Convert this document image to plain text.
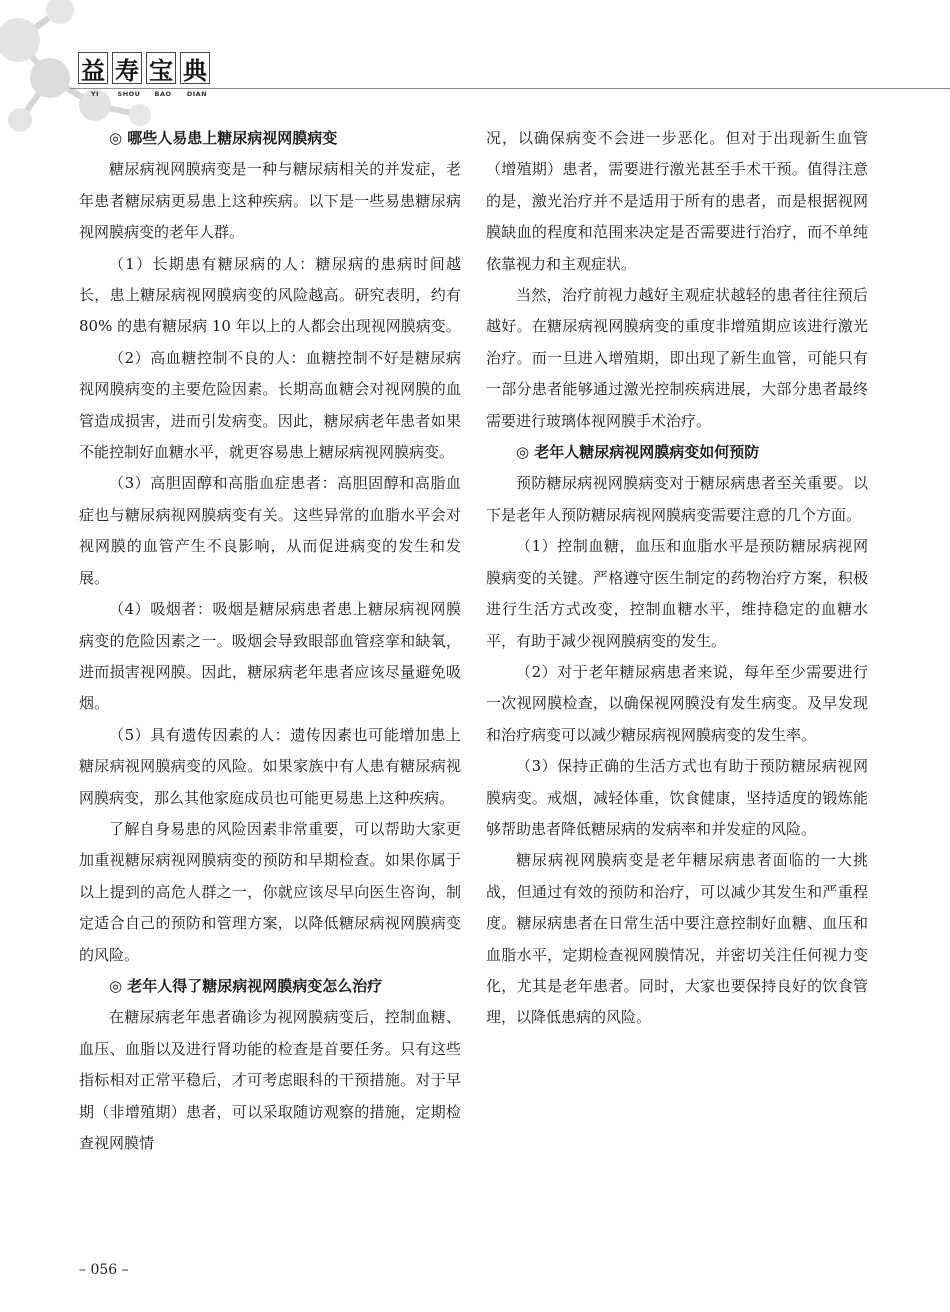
益 寿 宝 典
YI	SHOU	BAO	DIAN
◎ 哪些人易患上糖尿病视网膜病变

糖尿病视网膜病变是一种与糖尿病相关的并发症，老年患者糖尿病更易患上这种疾病。以下是一些易患糖尿病视网膜病变的老年人群。

（1）长期患有糖尿病的人：糖尿病的患病时间越长，患上糖尿病视网膜病变的风险越高。研究表明，约有 80% 的患有糖尿病 10 年以上的人都会出现视网膜病变。

（2）高血糖控制不良的人：血糖控制不好是糖尿病视网膜病变的主要危险因素。长期高血糖会对视网膜的血管造成损害，进而引发病变。因此，糖尿病老年患者如果不能控制好血糖水平，就更容易患上糖尿病视网膜病变。

（3）高胆固醇和高脂血症患者：高胆固醇和高脂血症也与糖尿病视网膜病变有关。这些异常的血脂水平会对视网膜的血管产生不良影响，从而促进病变的发生和发展。

（4）吸烟者：吸烟是糖尿病患者患上糖尿病视网膜病变的危险因素之一。吸烟会导致眼部血管痉挛和缺氧，进而损害视网膜。因此，糖尿病老年患者应该尽量避免吸烟。

（5）具有遗传因素的人：遗传因素也可能增加患上糖尿病视网膜病变的风险。如果家族中有人患有糖尿病视网膜病变，那么其他家庭成员也可能更易患上这种疾病。

了解自身易患的风险因素非常重要，可以帮助大家更加重视糖尿病视网膜病变的预防和早期检查。如果你属于以上提到的高危人群之一，你就应该尽早向医生咨询，制定适合自己的预防和管理方案，以降低糖尿病视网膜病变的风险。

◎ 老年人得了糖尿病视网膜病变怎么治疗

在糖尿病老年患者确诊为视网膜病变后，控制血糖、血压、血脂以及进行肾功能的检查是首要任务。只有这些指标相对正常平稳后，才可考虑眼科的干预措施。对于早期（非增殖期）患者，可以采取随访观察的措施，定期检查视网膜情

况，以确保病变不会进一步恶化。但对于出现新生血管（增殖期）患者，需要进行激光甚至手术干预。值得注意的是，激光治疗并不是适用于所有的患者，而是根据视网膜缺血的程度和范围来决定是否需要进行治疗，而不单纯依靠视力和主观症状。

当然，治疗前视力越好主观症状越轻的患者往往预后越好。在糖尿病视网膜病变的重度非增殖期应该进行激光治疗。而一旦进入增殖期，即出现了新生血管，可能只有一部分患者能够通过激光控制疾病进展，大部分患者最终需要进行玻璃体视网膜手术治疗。

◎ 老年人糖尿病视网膜病变如何预防

预防糖尿病视网膜病变对于糖尿病患者至关重要。以下是老年人预防糖尿病视网膜病变需要注意的几个方面。

（1）控制血糖，血压和血脂水平是预防糖尿病视网膜病变的关键。严格遵守医生制定的药物治疗方案，积极进行生活方式改变，控制血糖水平，维持稳定的血糖水平，有助于减少视网膜病变的发生。

（2）对于老年糖尿病患者来说，每年至少需要进行一次视网膜检查，以确保视网膜没有发生病变。及早发现和治疗病变可以减少糖尿病视网膜病变的发生率。

（3）保持正确的生活方式也有助于预防糖尿病视网膜病变。戒烟，减轻体重，饮食健康，坚持适度的锻炼能够帮助患者降低糖尿病的发病率和并发症的风险。

糖尿病视网膜病变是老年糖尿病患者面临的一大挑战，但通过有效的预防和治疗，可以减少其发生和严重程度。糖尿病患者在日常生活中要注意控制好血糖、血压和血脂水平，定期检查视网膜情况，并密切关注任何视力变化，尤其是老年患者。同时，大家也要保持良好的饮食管理，以降低患病的风险。

– 056 –
